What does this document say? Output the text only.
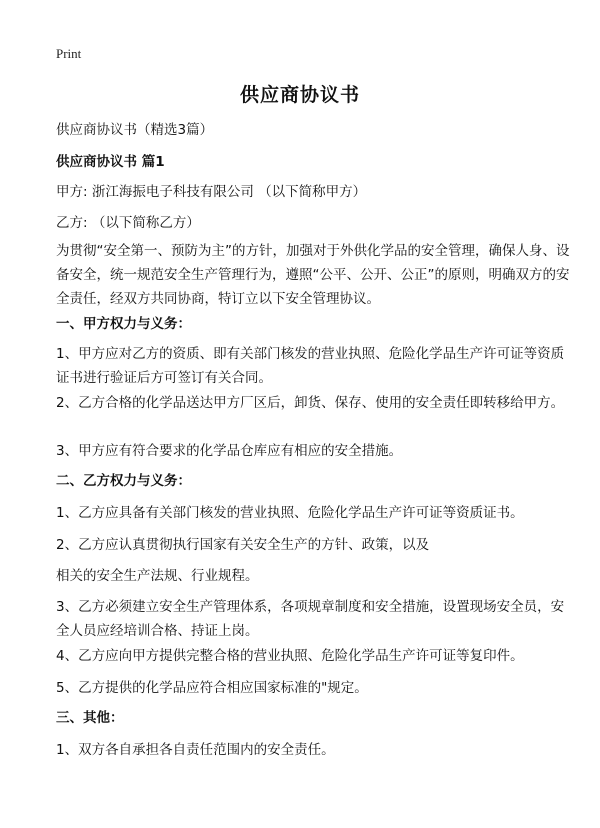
Print
供应商协议书
供应商协议书（精选3篇）
供应商协议书 篇1
甲方: 浙江海振电子科技有限公司 （以下简称甲方）
乙方: （以下简称乙方）
为贯彻“安全第一、预防为主”的方针，加强对于外供化学品的安全管理，确保人身、设备安全，统一规范安全生产管理行为，遵照“公平、公开、公正”的原则，明确双方的安全责任，经双方共同协商，特订立以下安全管理协议。
一、甲方权力与义务：
1、甲方应对乙方的资质、即有关部门核发的营业执照、危险化学品生产许可证等资质证书进行验证后方可签订有关合同。
2、乙方合格的化学品送达甲方厂区后，卸货、保存、使用的安全责任即转移给甲方。
3、甲方应有符合要求的化学品仓库应有相应的安全措施。
二、乙方权力与义务：
1、乙方应具备有关部门核发的营业执照、危险化学品生产许可证等资质证书。
2、乙方应认真贯彻执行国家有关安全生产的方针、政策，以及
相关的安全生产法规、行业规程。
3、乙方必须建立安全生产管理体系，各项规章制度和安全措施，设置现场安全员，安全人员应经培训合格、持证上岗。
4、乙方应向甲方提供完整合格的营业执照、危险化学品生产许可证等复印件。
5、乙方提供的化学品应符合相应国家标准的"规定。
三、其他：
1、双方各自承担各自责任范围内的安全责任。
